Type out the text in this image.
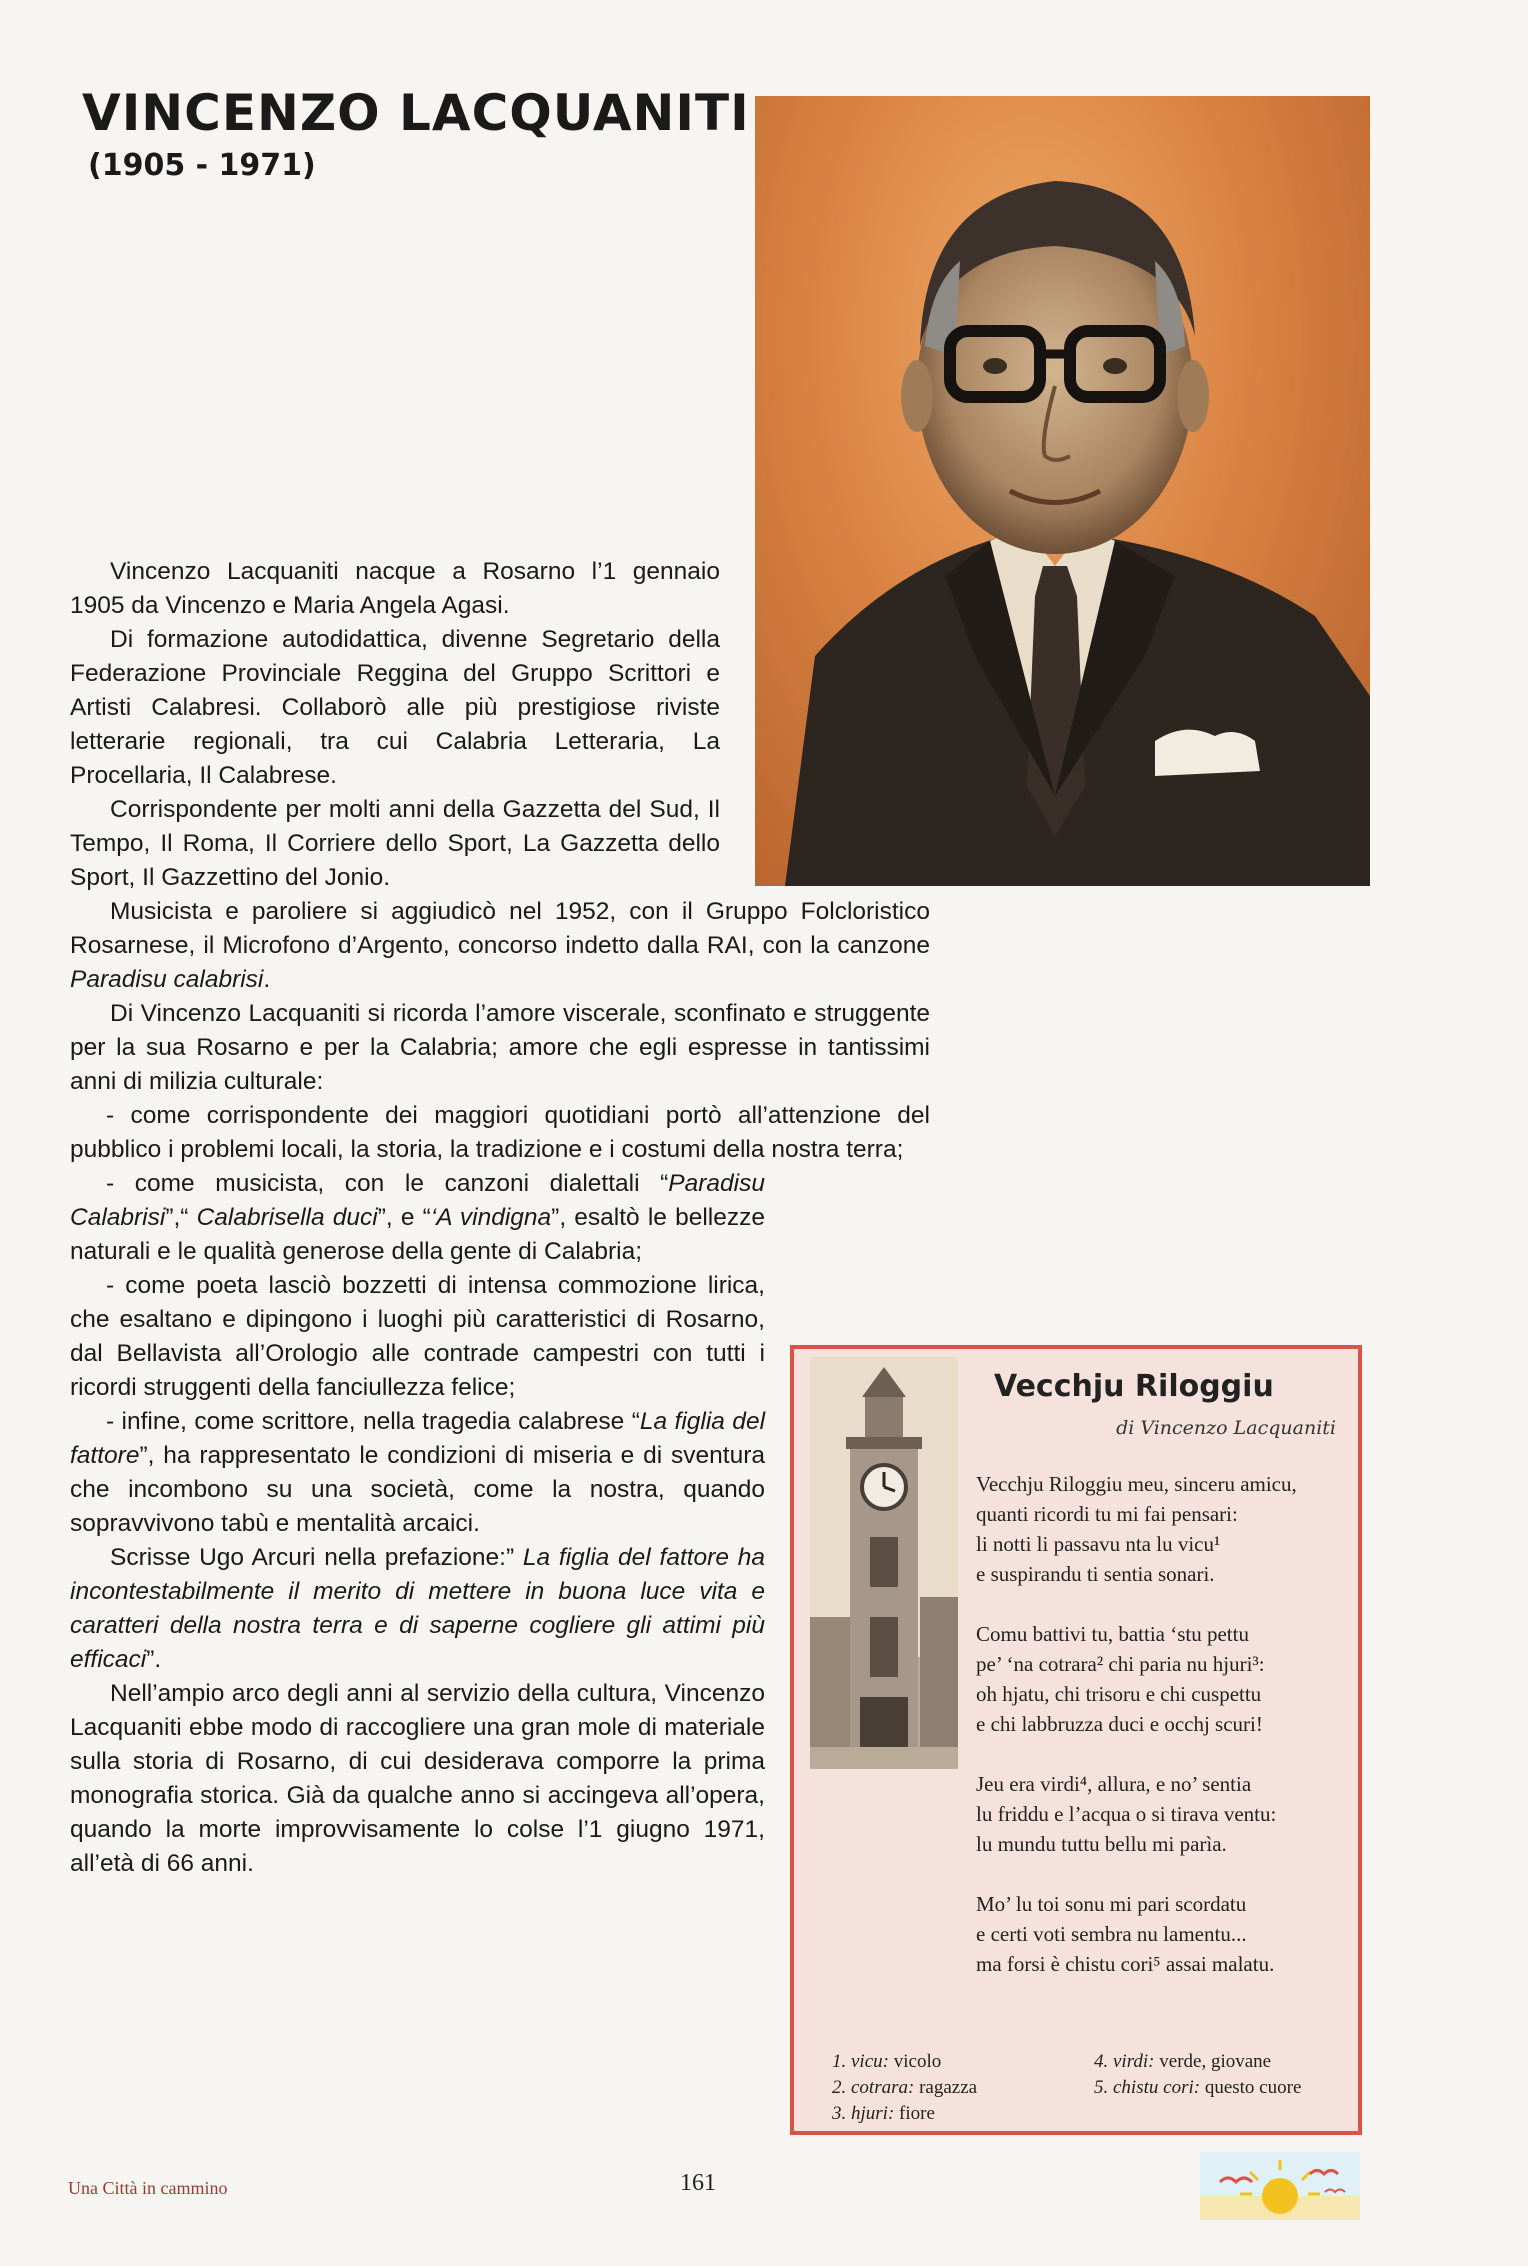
VINCENZO LACQUANITI
(1905 - 1971)

Vincenzo Lacquaniti nacque a Rosarno l’1 gennaio 1905 da Vincenzo e Maria Angela Agasi.

Di formazione autodidattica, divenne Segretario della Federazione Provinciale Reggina del Gruppo Scrittori e Artisti Calabresi. Collaborò alle più prestigiose riviste letterarie regionali, tra cui Calabria Letteraria, La Procellaria, Il Calabrese.

Corrispondente per molti anni della Gazzetta del Sud, Il Tempo, Il Roma, Il Corriere dello Sport, La Gazzetta dello Sport, Il Gazzettino del Jonio.

Musicista e paroliere si aggiudicò nel 1952, con il Gruppo Folcloristico Rosarnese, il Microfono d’Argento, concorso indetto dalla RAI, con la canzone Paradisu calabrisi.

Di Vincenzo Lacquaniti si ricorda l’amore viscerale, sconfinato e struggente per la sua Rosarno e per la Calabria; amore che egli espresse in tantissimi anni di milizia culturale:

- come corrispondente dei maggiori quotidiani portò all’attenzione del pubblico i problemi locali, la storia, la tradizione e i costumi della nostra terra;

- come musicista, con le canzoni dialettali “Paradisu Calabrisi”,“ Calabrisella duci”, e “‘A vindigna”, esaltò le bellezze naturali e le qualità generose della gente di Calabria;

- come poeta lasciò bozzetti di intensa commozione lirica, che esaltano e dipingono i luoghi più caratteristici di Rosarno, dal Bellavista all’Orologio alle contrade campestri con tutti i ricordi struggenti della fanciullezza felice;

- infine, come scrittore, nella tragedia calabrese “La figlia del fattore”, ha rappresentato le condizioni di miseria e di sventura che incombono su una società, come la nostra, quando sopravvivono tabù e mentalità arcaici.

Scrisse Ugo Arcuri nella prefazione:” La figlia del fattore ha incontestabilmente il merito di mettere in buona luce vita e caratteri della nostra terra e di saperne cogliere gli attimi più efficaci”.

Nell’ampio arco degli anni al servizio della cultura, Vincenzo Lacquaniti ebbe modo di raccogliere una gran mole di materiale sulla storia di Rosarno, di cui desiderava comporre la prima monografia storica. Già da qualche anno si accingeva all’opera, quando la morte improvvisamente lo colse l’1 giugno 1971, all’età di 66 anni.

Vecchju Riloggiu
di Vincenzo Lacquaniti
Vecchju Riloggiu meu, sinceru amicu,
quanti ricordi tu mi fai pensari:
li notti li passavu nta lu vicu¹
e suspirandu ti sentia sonari.
Comu battivi tu, battia ‘stu pettu
pe’ ‘na cotrara² chi paria nu hjuri³:
oh hjatu, chi trisoru e chi cuspettu
e chi labbruzza duci e occhj scuri!
Jeu era virdi⁴, allura, e no’ sentia
lu friddu e l’acqua o si tirava ventu:
lu mundu tuttu bellu mi parìa.
Mo’ lu toi sonu mi pari scordatu
e certi voti sembra nu lamentu...
ma forsi è chistu cori⁵ assai malatu.
1. vicu: vicolo
2. cotrara: ragazza
3. hjuri: fiore
4. virdi: verde, giovane
5. chistu cori: questo cuore
Una Città in cammino	161
